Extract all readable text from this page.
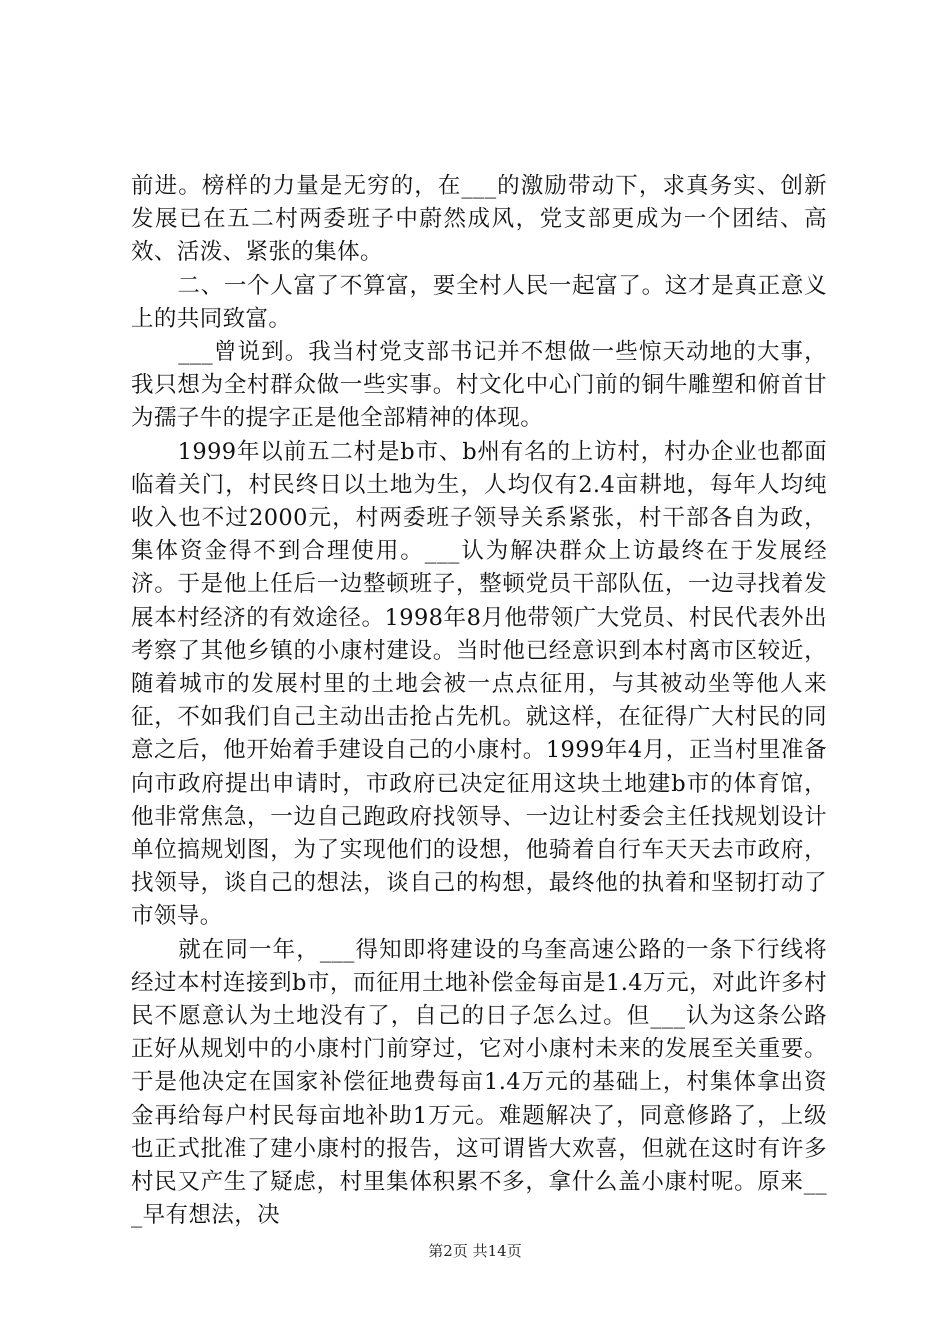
前进。榜样的力量是无穷的，在___的激励带动下，求真务实、创新发展已在五二村两委班子中蔚然成风，党支部更成为一个团结、高效、活泼、紧张的集体。

　　二、一个人富了不算富，要全村人民一起富了。这才是真正意义上的共同致富。

　　___曾说到。我当村党支部书记并不想做一些惊天动地的大事，我只想为全村群众做一些实事。村文化中心门前的铜牛雕塑和俯首甘为孺子牛的提字正是他全部精神的体现。

　　1999年以前五二村是b市、b州有名的上访村，村办企业也都面临着关门，村民终日以土地为生，人均仅有2.4亩耕地，每年人均纯收入也不过2000元，村两委班子领导关系紧张，村干部各自为政，集体资金得不到合理使用。___认为解决群众上访最终在于发展经济。于是他上任后一边整顿班子，整顿党员干部队伍，一边寻找着发展本村经济的有效途径。1998年8月他带领广大党员、村民代表外出考察了其他乡镇的小康村建设。当时他已经意识到本村离市区较近，随着城市的发展村里的土地会被一点点征用，与其被动坐等他人来征，不如我们自己主动出击抢占先机。就这样，在征得广大村民的同意之后，他开始着手建设自己的小康村。1999年4月，正当村里准备向市政府提出申请时，市政府已决定征用这块土地建b市的体育馆，他非常焦急，一边自己跑政府找领导、一边让村委会主任找规划设计单位搞规划图，为了实现他们的设想，他骑着自行车天天去市政府，找领导，谈自己的想法，谈自己的构想，最终他的执着和坚韧打动了市领导。

　　就在同一年，___得知即将建设的乌奎高速公路的一条下行线将经过本村连接到b市，而征用土地补偿金每亩是1.4万元，对此许多村民不愿意认为土地没有了，自己的日子怎么过。但___认为这条公路正好从规划中的小康村门前穿过，它对小康村未来的发展至关重要。于是他决定在国家补偿征地费每亩1.4万元的基础上，村集体拿出资金再给每户村民每亩地补助1万元。难题解决了，同意修路了，上级也正式批准了建小康村的报告，这可谓皆大欢喜，但就在这时有许多村民又产生了疑虑，村里集体积累不多，拿什么盖小康村呢。原来___早有想法，决

第2页 共14页
